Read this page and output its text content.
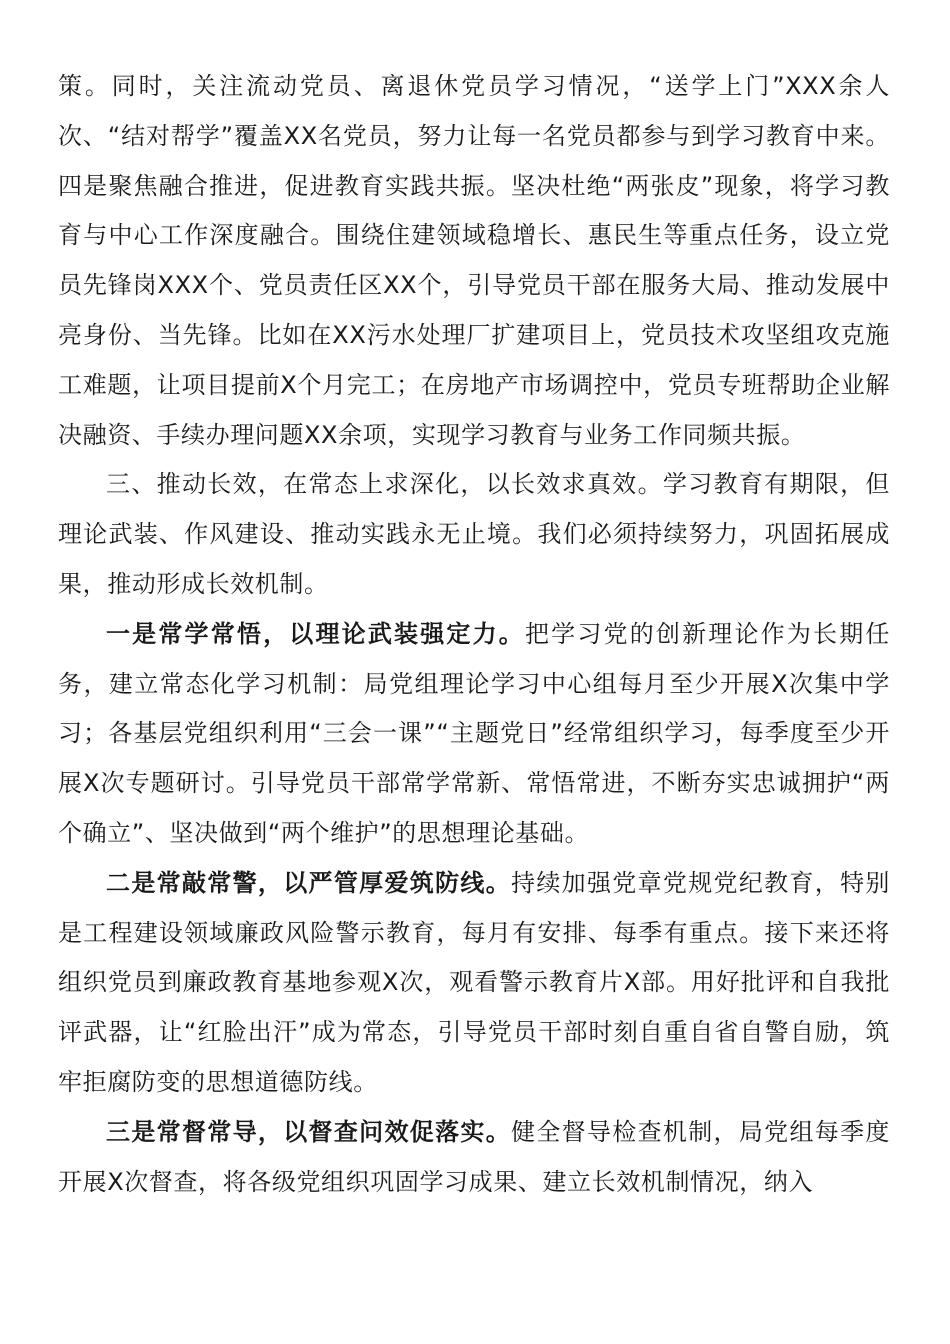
策。同时，关注流动党员、离退休党员学习情况，“送学上门”XXX余人次、“结对帮学”覆盖XX名党员，努力让每一名党员都参与到学习教育中来。四是聚焦融合推进，促进教育实践共振。坚决杜绝“两张皮”现象，将学习教育与中心工作深度融合。围绕住建领域稳增长、惠民生等重点任务，设立党员先锋岗XXX个、党员责任区XX个，引导党员干部在服务大局、推动发展中亮身份、当先锋。比如在XX污水处理厂扩建项目上，党员技术攻坚组攻克施工难题，让项目提前X个月完工；在房地产市场调控中，党员专班帮助企业解决融资、手续办理问题XX余项，实现学习教育与业务工作同频共振。

三、推动长效，在常态上求深化，以长效求真效。学习教育有期限，但理论武装、作风建设、推动实践永无止境。我们必须持续努力，巩固拓展成果，推动形成长效机制。

一是常学常悟，以理论武装强定力。把学习党的创新理论作为长期任务，建立常态化学习机制：局党组理论学习中心组每月至少开展X次集中学习；各基层党组织利用“三会一课”“主题党日”经常组织学习，每季度至少开展X次专题研讨。引导党员干部常学常新、常悟常进，不断夯实忠诚拥护“两个确立”、坚决做到“两个维护”的思想理论基础。

二是常敲常警，以严管厚爱筑防线。持续加强党章党规党纪教育，特别是工程建设领域廉政风险警示教育，每月有安排、每季有重点。接下来还将组织党员到廉政教育基地参观X次，观看警示教育片X部。用好批评和自我批评武器，让“红脸出汗”成为常态，引导党员干部时刻自重自省自警自励，筑牢拒腐防变的思想道德防线。

三是常督常导，以督查问效促落实。健全督导检查机制，局党组每季度开展X次督查，将各级党组织巩固学习成果、建立长效机制情况，纳入
